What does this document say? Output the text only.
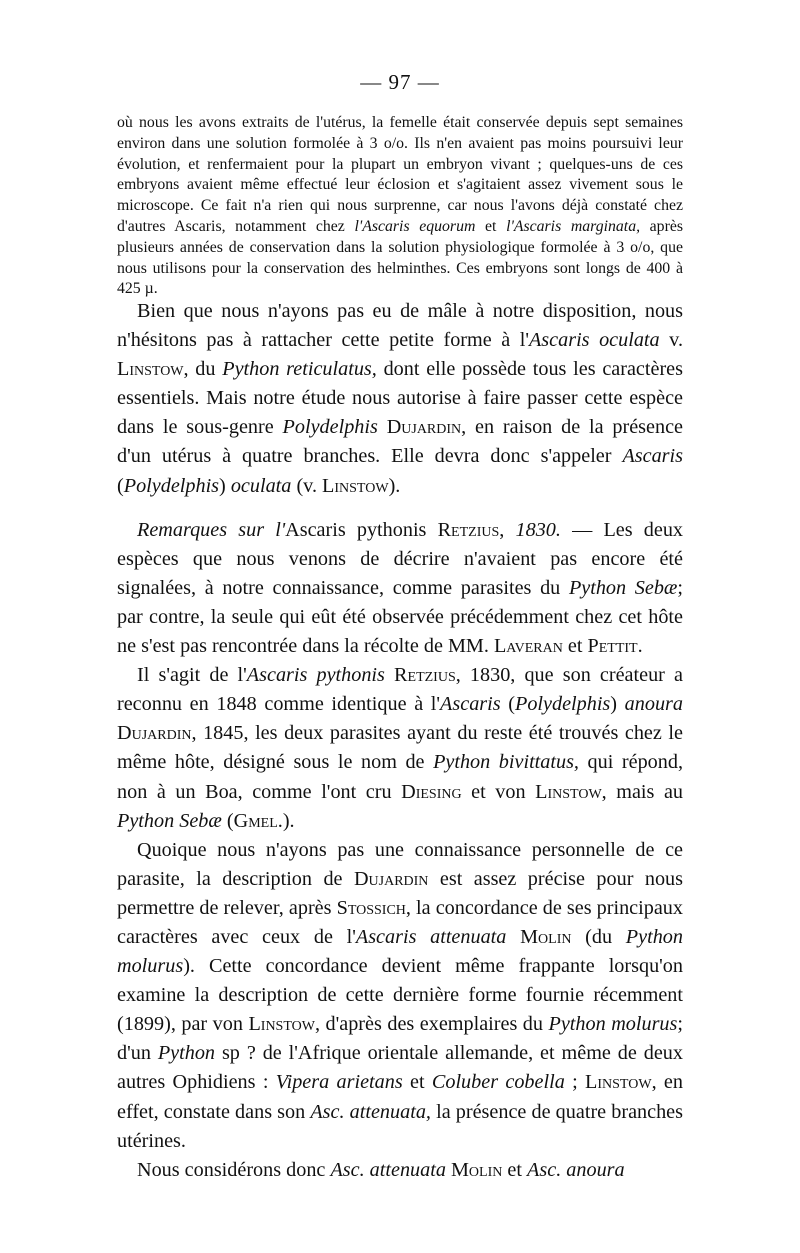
— 97 —
où nous les avons extraits de l'utérus, la femelle était conservée depuis sept semaines environ dans une solution formolée à 3 o/o. Ils n'en avaient pas moins poursuivi leur évolution, et renfermaient pour la plupart un embryon vivant ; quelques-uns de ces embryons avaient même effectué leur éclosion et s'agitaient assez vivement sous le microscope. Ce fait n'a rien qui nous surprenne, car nous l'avons déjà constaté chez d'autres Ascaris, notamment chez l'Ascaris equorum et l'Ascaris marginata, après plusieurs années de conservation dans la solution physiologique formolée à 3 o/o, que nous utilisons pour la conservation des helminthes. Ces embryons sont longs de 400 à 425 µ.

Bien que nous n'ayons pas eu de mâle à notre disposition, nous n'hésitons pas à rattacher cette petite forme à l'Ascaris oculata v. Linstow, du Python reticulatus, dont elle possède tous les caractères essentiels. Mais notre étude nous autorise à faire passer cette espèce dans le sous-genre Polydelphis Dujardin, en raison de la présence d'un utérus à quatre branches. Elle devra donc s'appeler Ascaris (Polydelphis) oculata (v. Linstow).

Remarques sur l'Ascaris pythonis Retzius, 1830. — Les deux espèces que nous venons de décrire n'avaient pas encore été signalées, à notre connaissance, comme parasites du Python Sebæ; par contre, la seule qui eût été observée précédemment chez cet hôte ne s'est pas rencontrée dans la récolte de MM. Laveran et Pettit.

Il s'agit de l'Ascaris pythonis Retzius, 1830, que son créateur a reconnu en 1848 comme identique à l'Ascaris (Polydelphis) anoura Dujardin, 1845, les deux parasites ayant du reste été trouvés chez le même hôte, désigné sous le nom de Python bivittatus, qui répond, non à un Boa, comme l'ont cru Diesing et von Linstow, mais au Python Sebæ (Gmel.).

Quoique nous n'ayons pas une connaissance personnelle de ce parasite, la description de Dujardin est assez précise pour nous permettre de relever, après Stossich, la concordance de ses principaux caractères avec ceux de l'Ascaris attenuata Molin (du Python molurus). Cette concordance devient même frappante lorsqu'on examine la description de cette dernière forme fournie récemment (1899), par von Linstow, d'après des exemplaires du Python molurus; d'un Python sp ? de l'Afrique orientale allemande, et même de deux autres Ophidiens : Vipera arietans et Coluber cobella ; Linstow, en effet, constate dans son Asc. attenuata, la présence de quatre branches utérines.

Nous considérons donc Asc. attenuata Molin et Asc. anoura
